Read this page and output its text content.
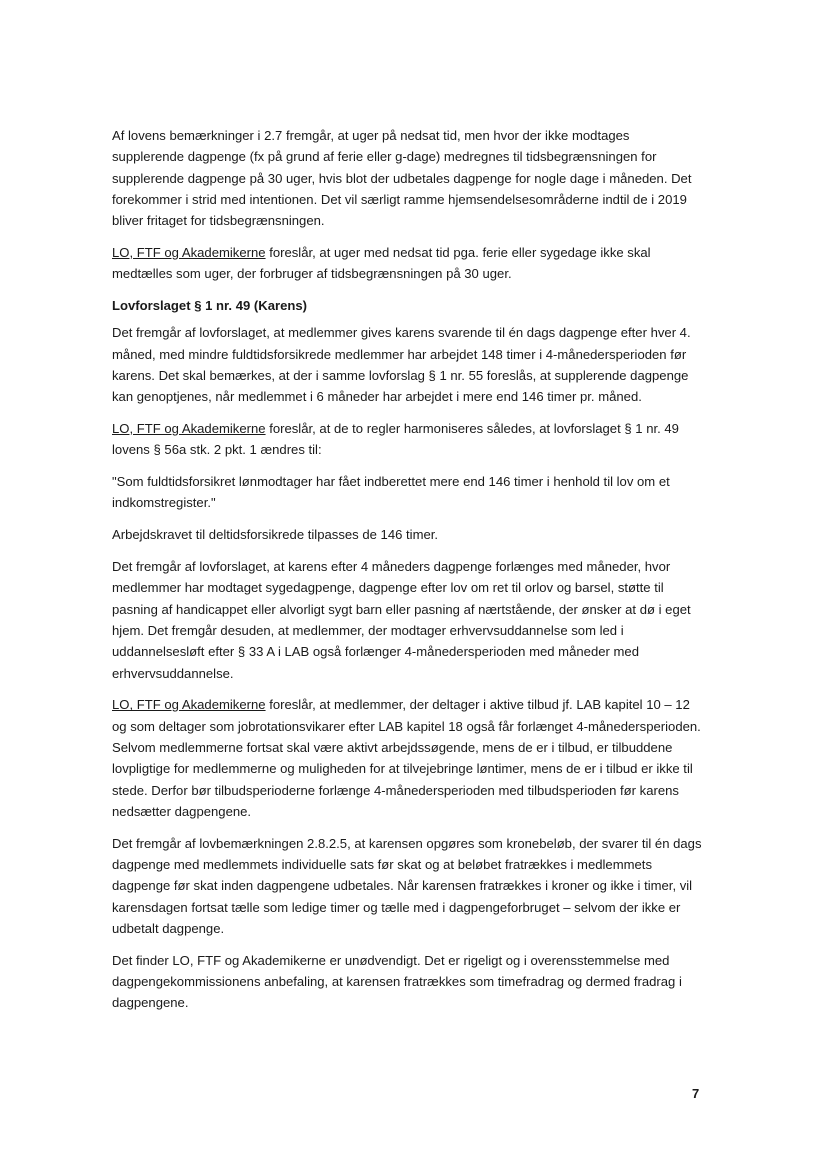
Af lovens bemærkninger i 2.7 fremgår, at uger på nedsat tid, men hvor der ikke modtages supplerende dagpenge (fx på grund af ferie eller g-dage) medregnes til tidsbegrænsningen for supplerende dagpenge på 30 uger, hvis blot der udbetales dagpenge for nogle dage i måneden. Det forekommer i strid med intentionen. Det vil særligt ramme hjemsendelsesområderne indtil de i 2019 bliver fritaget for tidsbegrænsningen.

LO, FTF og Akademikerne foreslår, at uger med nedsat tid pga. ferie eller sygedage ikke skal medtælles som uger, der forbruger af tidsbegrænsningen på 30 uger.

Lovforslaget § 1 nr. 49 (Karens)

Det fremgår af lovforslaget, at medlemmer gives karens svarende til én dags dagpenge efter hver 4. måned, med mindre fuldtidsforsikrede medlemmer har arbejdet 148 timer i 4-månedersperioden før karens. Det skal bemærkes, at der i samme lovforslag § 1 nr. 55 foreslås, at supplerende dagpenge kan genoptjenes, når medlemmet i 6 måneder har arbejdet i mere end 146 timer pr. måned.

LO, FTF og Akademikerne foreslår, at de to regler harmoniseres således, at lovforslaget § 1 nr. 49 lovens § 56a stk. 2 pkt. 1 ændres til:

"Som fuldtidsforsikret lønmodtager har fået indberettet mere end 146 timer i henhold til lov om et indkomstregister."

Arbejdskravet til deltidsforsikrede tilpasses de 146 timer.

Det fremgår af lovforslaget, at karens efter 4 måneders dagpenge forlænges med måneder, hvor medlemmer har modtaget sygedagpenge, dagpenge efter lov om ret til orlov og barsel, støtte til pasning af handicappet eller alvorligt sygt barn eller pasning af nærtstående, der ønsker at dø i eget hjem. Det fremgår desuden, at medlemmer, der modtager erhvervsuddannelse som led i uddannelsesløft efter § 33 A i LAB også forlænger 4-månedersperioden med måneder med erhvervsuddannelse.

LO, FTF og Akademikerne foreslår, at medlemmer, der deltager i aktive tilbud jf. LAB kapitel 10 – 12 og som deltager som jobrotationsvikarer efter LAB kapitel 18 også får forlænget 4-månedersperioden. Selvom medlemmerne fortsat skal være aktivt arbejdssøgende, mens de er i tilbud, er tilbuddene lovpligtige for medlemmerne og muligheden for at tilvejebringe løntimer, mens de er i tilbud er ikke til stede. Derfor bør tilbudsperioderne forlænge 4-månedersperioden med tilbudsperioden før karens nedsætter dagpengene.

Det fremgår af lovbemærkningen 2.8.2.5, at karensen opgøres som kronebeløb, der svarer til én dags dagpenge med medlemmets individuelle sats før skat og at beløbet fratrækkes i medlemmets dagpenge før skat inden dagpengene udbetales. Når karensen fratrækkes i kroner og ikke i timer, vil karensdagen fortsat tælle som ledige timer og tælle med i dagpengeforbruget – selvom der ikke er udbetalt dagpenge.

Det finder LO, FTF og Akademikerne er unødvendigt. Det er rigeligt og i overensstemmelse med dagpengekommissionens anbefaling, at karensen fratrækkes som timefradrag og dermed fradrag i dagpengene.

7
